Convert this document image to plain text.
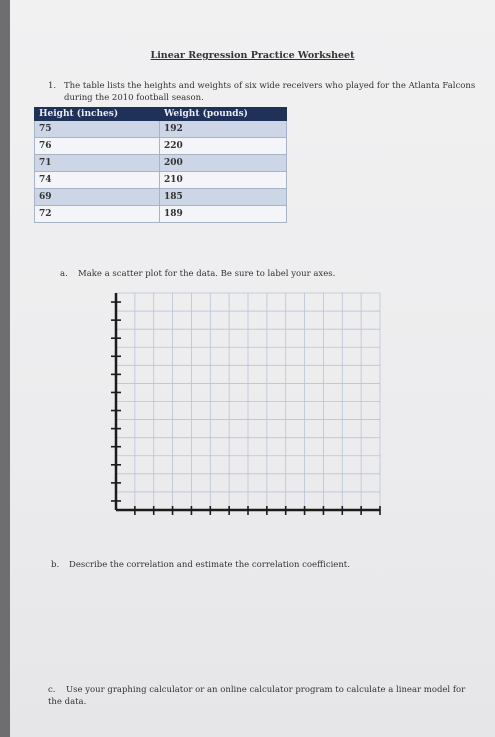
Linear Regression Practice Worksheet
1. The table lists the heights and weights of six wide receivers who played for the Atlanta Falcons during the 2010 football season.
Height (inches)	Weight (pounds)
75	192
76	220
71	200
74	210
69	185
72	189
a. Make a scatter plot for the data. Be sure to label your axes.
b. Describe the correlation and estimate the correlation coefficient.
c. Use your graphing calculator or an online calculator program to calculate a linear model for the data.
